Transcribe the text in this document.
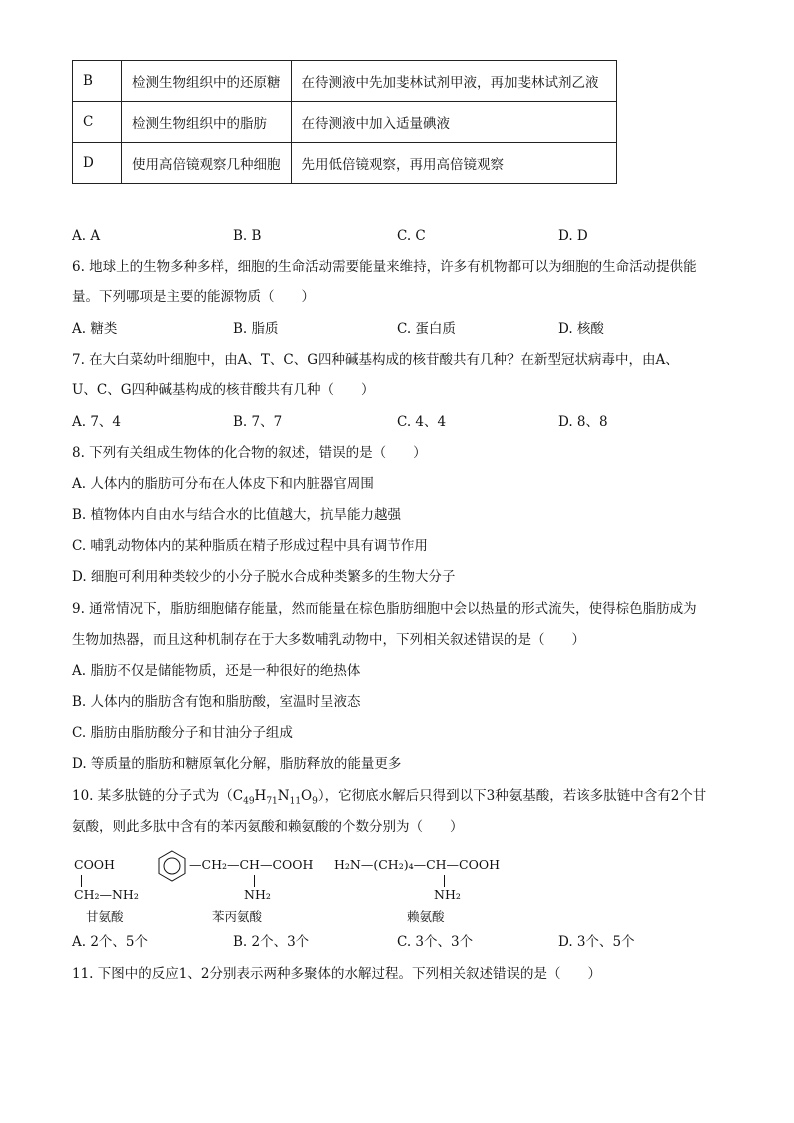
B	检测生物组织中的还原糖	在待测液中先加斐林试剂甲液，再加斐林试剂乙液
C	检测生物组织中的脂肪	在待测液中加入适量碘液
D	使用高倍镜观察几种细胞	先用低倍镜观察，再用高倍镜观察
A. A	B. B	C. C	D. D
6. 地球上的生物多种多样，细胞的生命活动需要能量来维持，许多有机物都可以为细胞的生命活动提供能
量。下列哪项是主要的能源物质（　　）
A. 糖类	B. 脂质	C. 蛋白质	D. 核酸
7. 在大白菜幼叶细胞中，由A、T、C、G四种碱基构成的核苷酸共有几种？在新型冠状病毒中，由A、
U、C、G四种碱基构成的核苷酸共有几种（　　）
A. 7、4	B. 7、7	C. 4、4	D. 8、8
8. 下列有关组成生物体的化合物的叙述，错误的是（　　）
A. 人体内的脂肪可分布在人体皮下和内脏器官周围
B. 植物体内自由水与结合水的比值越大，抗旱能力越强
C. 哺乳动物体内的某种脂质在精子形成过程中具有调节作用
D. 细胞可利用种类较少的小分子脱水合成种类繁多的生物大分子
9. 通常情况下，脂肪细胞储存能量，然而能量在棕色脂肪细胞中会以热量的形式流失，使得棕色脂肪成为
生物加热器，而且这种机制存在于大多数哺乳动物中，下列相关叙述错误的是（　　）
A. 脂肪不仅是储能物质，还是一种很好的绝热体
B. 人体内的脂肪含有饱和脂肪酸，室温时呈液态
C. 脂肪由脂肪酸分子和甘油分子组成
D. 等质量的脂肪和糖原氧化分解，脂肪释放的能量更多
10. 某多肽链的分子式为$(C_{49}H_{71}N_{11}O_9)$，它彻底水解后只得到以下3种氨基酸，若该多肽链中含有2个甘
氨酸，则此多肽中含有的苯丙氨酸和赖氨酸的个数分别为（　　）
COOH
CH₂—NH₂
甘氨酸
—CH₂—CH—COOH
NH₂
苯丙氨酸
H₂N—(CH₂)₄—CH—COOH
NH₂
赖氨酸
A. 2个、5个	B. 2个、3个	C. 3个、3个	D. 3个、5个
11. 下图中的反应1、2分别表示两种多聚体的水解过程。下列相关叙述错误的是（　　）
